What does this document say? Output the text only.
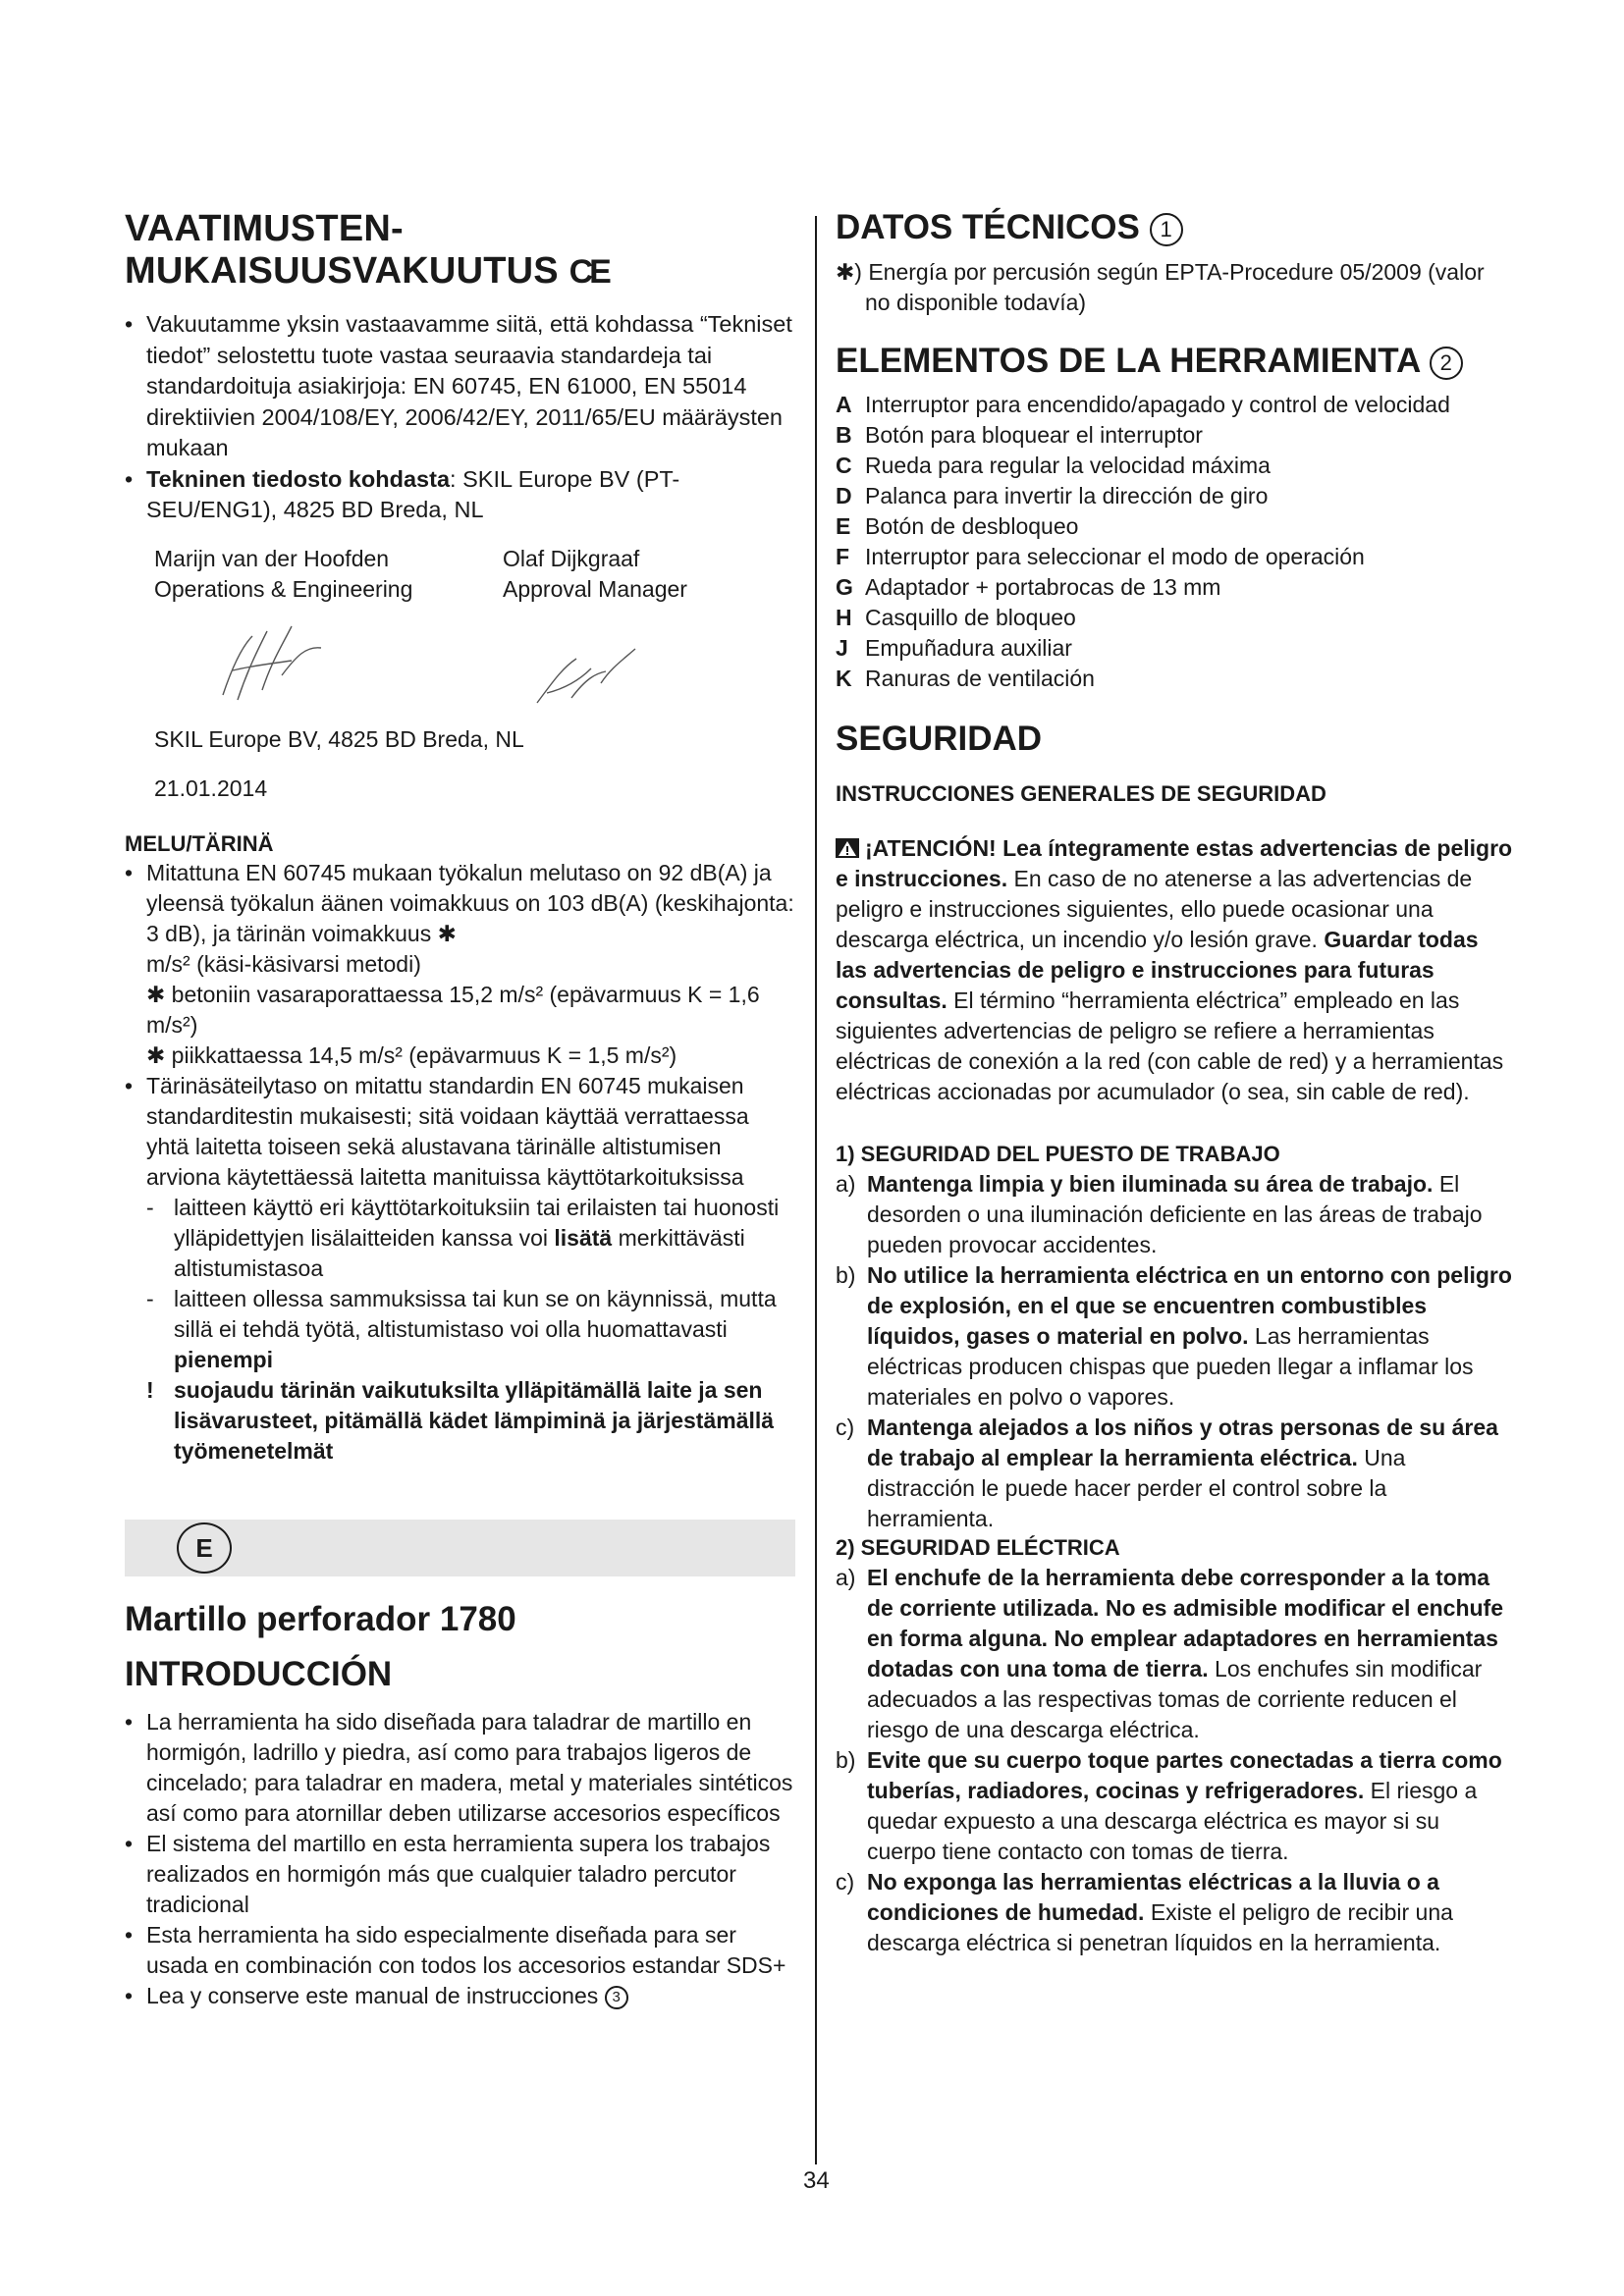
VAATIMUSTEN-
MUKAISUUSVAKUUTUS CE
• Vakuutamme yksin vastaavamme siitä, että kohdassa “Tekniset tiedot” selostettu tuote vastaa seuraavia standardeja tai standardoituja asiakirjoja: EN 60745, EN 61000, EN 55014 direktiivien 2004/108/EY, 2006/42/EY, 2011/65/EU määräysten mukaan
• Tekninen tiedosto kohdasta: SKIL Europe BV (PT-SEU/ENG1), 4825 BD Breda, NL
Marijn van der Hoofden
Operations & Engineering
Olaf Dijkgraaf
Approval Manager

SKIL Europe BV, 4825 BD Breda, NL

21.01.2014

MELU/TÄRINÄ
• Mitattuna EN 60745 mukaan työkalun melutaso on 92 dB(A) ja yleensä työkalun äänen voimakkuus on 103 dB(A) (keskihajonta: 3 dB), ja tärinän voimakkuus ✱
m/s² (käsi-käsivarsi metodi)
✱ betoniin vasaraporattaessa 15,2 m/s² (epävarmuus K = 1,6 m/s²)
✱ piikkattaessa 14,5 m/s² (epävarmuus K = 1,5 m/s²)
• Tärinäsäteilytaso on mitattu standardin EN 60745 mukaisen standarditestin mukaisesti; sitä voidaan käyttää verrattaessa yhtä laitetta toiseen sekä alustavana tärinälle altistumisen arviona käytettäessä laitetta manituissa käyttötarkoituksissa
- laitteen käyttö eri käyttötarkoituksiin tai erilaisten tai huonosti ylläpidettyjen lisälaitteiden kanssa voi lisätä merkittävästi altistumistasoa
- laitteen ollessa sammuksissa tai kun se on käynnissä, mutta sillä ei tehdä työtä, altistumistaso voi olla huomattavasti pienempi
! suojaudu tärinän vaikutuksilta ylläpitämällä laite ja sen lisävarusteet, pitämällä kädet lämpiminä ja järjestämällä työmenetelmät
E
Martillo perforador 1780
INTRODUCCIÓN
• La herramienta ha sido diseñada para taladrar de martillo en hormigón, ladrillo y piedra, así como para trabajos ligeros de cincelado; para taladrar en madera, metal y materiales sintéticos así como para atornillar deben utilizarse accesorios específicos
• El sistema del martillo en esta herramienta supera los trabajos realizados en hormigón más que cualquier taladro percutor tradicional
• Esta herramienta ha sido especialmente diseñada para ser usada en combinación con todos los accesorios estandar SDS+
• Lea y conserve este manual de instrucciones 3
DATOS TÉCNICOS 1

✱) Energía por percusión según EPTA-Procedure 05/2009 (valor no disponible todavía)

ELEMENTOS DE LA HERRAMIENTA 2
A Interruptor para encendido/apagado y control de velocidad
B Botón para bloquear el interruptor
C Rueda para regular la velocidad máxima
D Palanca para invertir la dirección de giro
E Botón de desbloqueo
F Interruptor para seleccionar el modo de operación
G Adaptador + portabrocas de 13 mm
H Casquillo de bloqueo
J Empuñadura auxiliar
K Ranuras de ventilación
SEGURIDAD
INSTRUCCIONES GENERALES DE SEGURIDAD

¡ATENCIÓN! Lea íntegramente estas advertencias de peligro e instrucciones. En caso de no atenerse a las advertencias de peligro e instrucciones siguientes, ello puede ocasionar una descarga eléctrica, un incendio y/o lesión grave. Guardar todas las advertencias de peligro e instrucciones para futuras consultas. El término “herramienta eléctrica” empleado en las siguientes advertencias de peligro se refiere a herramientas eléctricas de conexión a la red (con cable de red) y a herramientas eléctricas accionadas por acumulador (o sea, sin cable de red).

1) SEGURIDAD DEL PUESTO DE TRABAJO
a) Mantenga limpia y bien iluminada su área de trabajo. El desorden o una iluminación deficiente en las áreas de trabajo pueden provocar accidentes.
b) No utilice la herramienta eléctrica en un entorno con peligro de explosión, en el que se encuentren combustibles líquidos, gases o material en polvo. Las herramientas eléctricas producen chispas que pueden llegar a inflamar los materiales en polvo o vapores.
c) Mantenga alejados a los niños y otras personas de su área de trabajo al emplear la herramienta eléctrica. Una distracción le puede hacer perder el control sobre la herramienta.
2) SEGURIDAD ELÉCTRICA
a) El enchufe de la herramienta debe corresponder a la toma de corriente utilizada. No es admisible modificar el enchufe en forma alguna. No emplear adaptadores en herramientas dotadas con una toma de tierra. Los enchufes sin modificar adecuados a las respectivas tomas de corriente reducen el riesgo de una descarga eléctrica.
b) Evite que su cuerpo toque partes conectadas a tierra como tuberías, radiadores, cocinas y refrigeradores. El riesgo a quedar expuesto a una descarga eléctrica es mayor si su cuerpo tiene contacto con tomas de tierra.
c) No exponga las herramientas eléctricas a la lluvia o a condiciones de humedad. Existe el peligro de recibir una descarga eléctrica si penetran líquidos en la herramienta.
34
